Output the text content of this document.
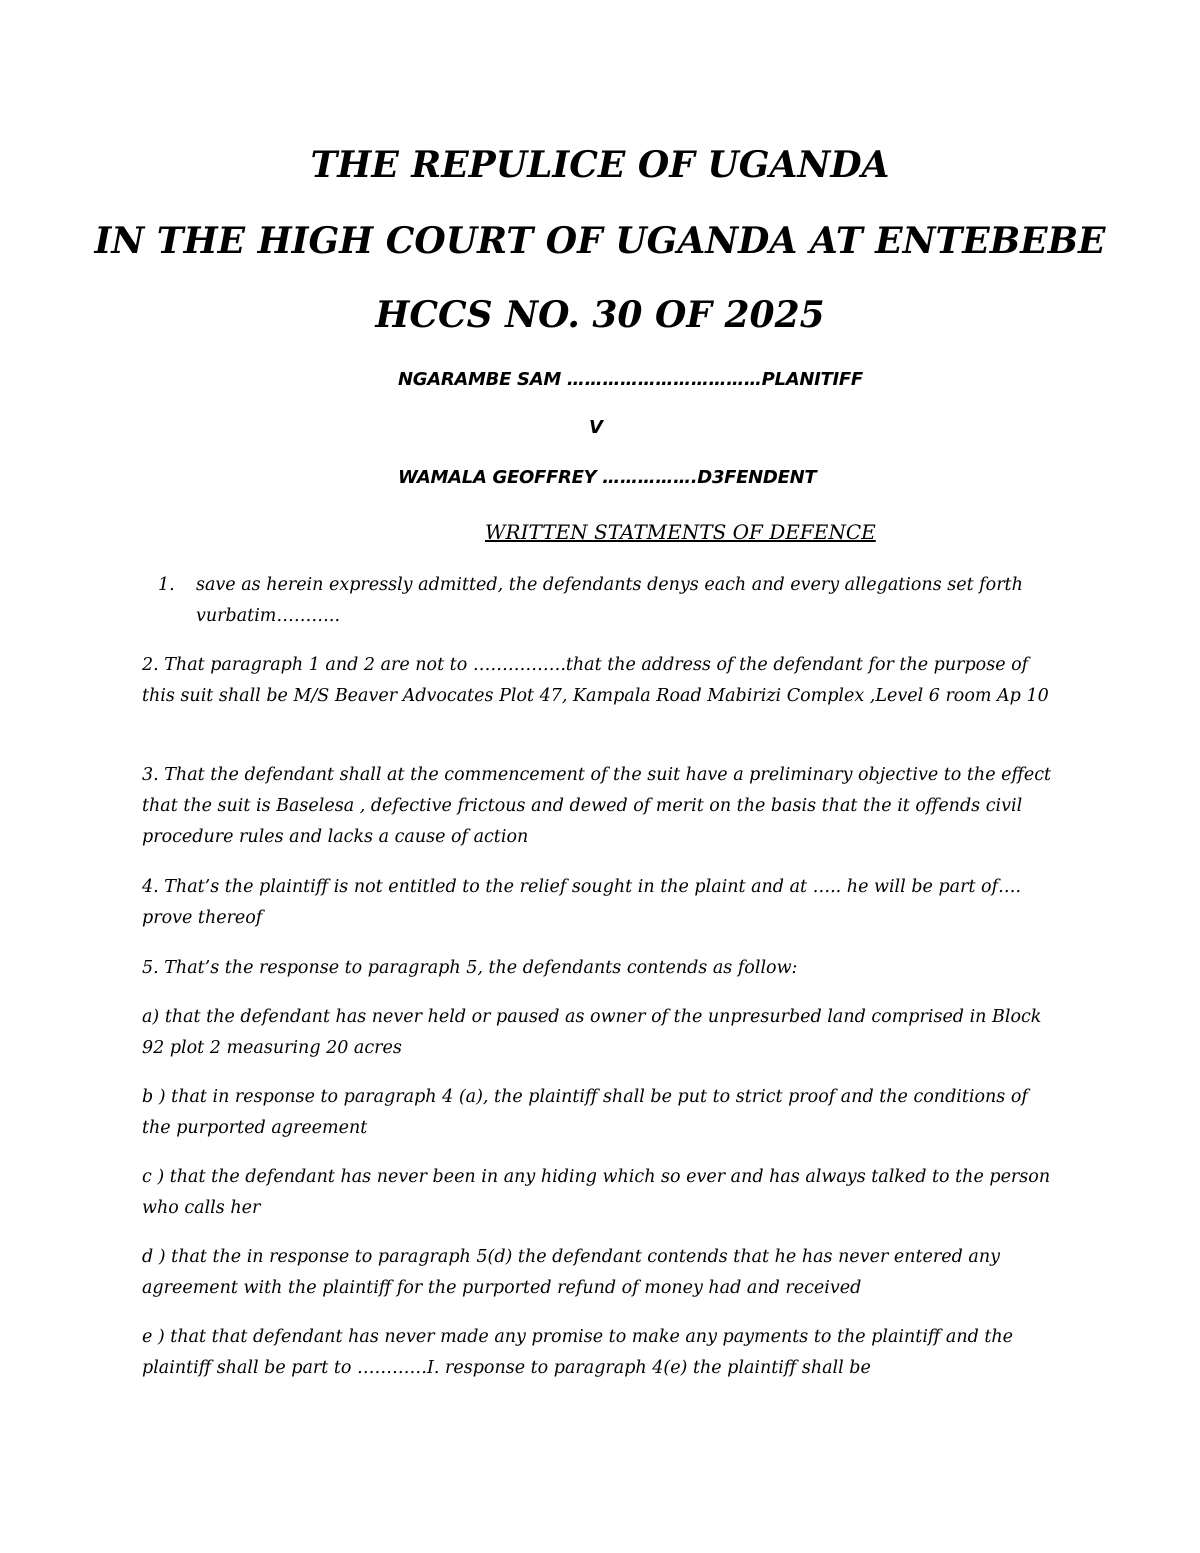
THE REPULICE OF UGANDA
IN THE HIGH COURT OF UGANDA AT ENTEBEBE
HCCS NO. 30 OF 2025
NGARAMBE SAM ……………………………PLANITIFF
V
WAMALA GEOFFREY …………….D3FENDENT
WRITTEN STATMENTS OF DEFENCE
1. save as herein expressly admitted, the defendants denys each and every allegations set forth vurbatim………..

2. That paragraph 1 and 2 are not to …………….that the address of the defendant for the purpose of this suit shall be M/S Beaver Advocates Plot 47, Kampala Road Mabirizi Complex ,Level 6 room Ap 10

3. That the defendant shall at the commencement of the suit have a preliminary objective to the effect that the suit is Baselesa , defective frictous and dewed of merit on the basis that the it offends civil procedure rules and lacks a cause of action

4. That’s the plaintiff is not entitled to the relief sought in the plaint and at ….. he will be part of…. prove thereof

5. That’s the response to paragraph 5, the defendants contends as follow:

a) that the defendant has never held or paused as owner of the unpresurbed land comprised in Block 92 plot 2 measuring 20 acres

b ) that in response to paragraph 4 (a), the plaintiff shall be put to strict proof and the conditions of the purported agreement

c ) that the defendant has never been in any hiding which so ever and has always talked to the person who calls her

d ) that the in response to paragraph 5(d) the defendant contends that he has never entered any agreement with the plaintiff for the purported refund of money had and received

e ) that that defendant has never made any promise to make any payments to the plaintiff and the plaintiff shall be part to …………I. response to paragraph 4(e) the plaintiff shall be
